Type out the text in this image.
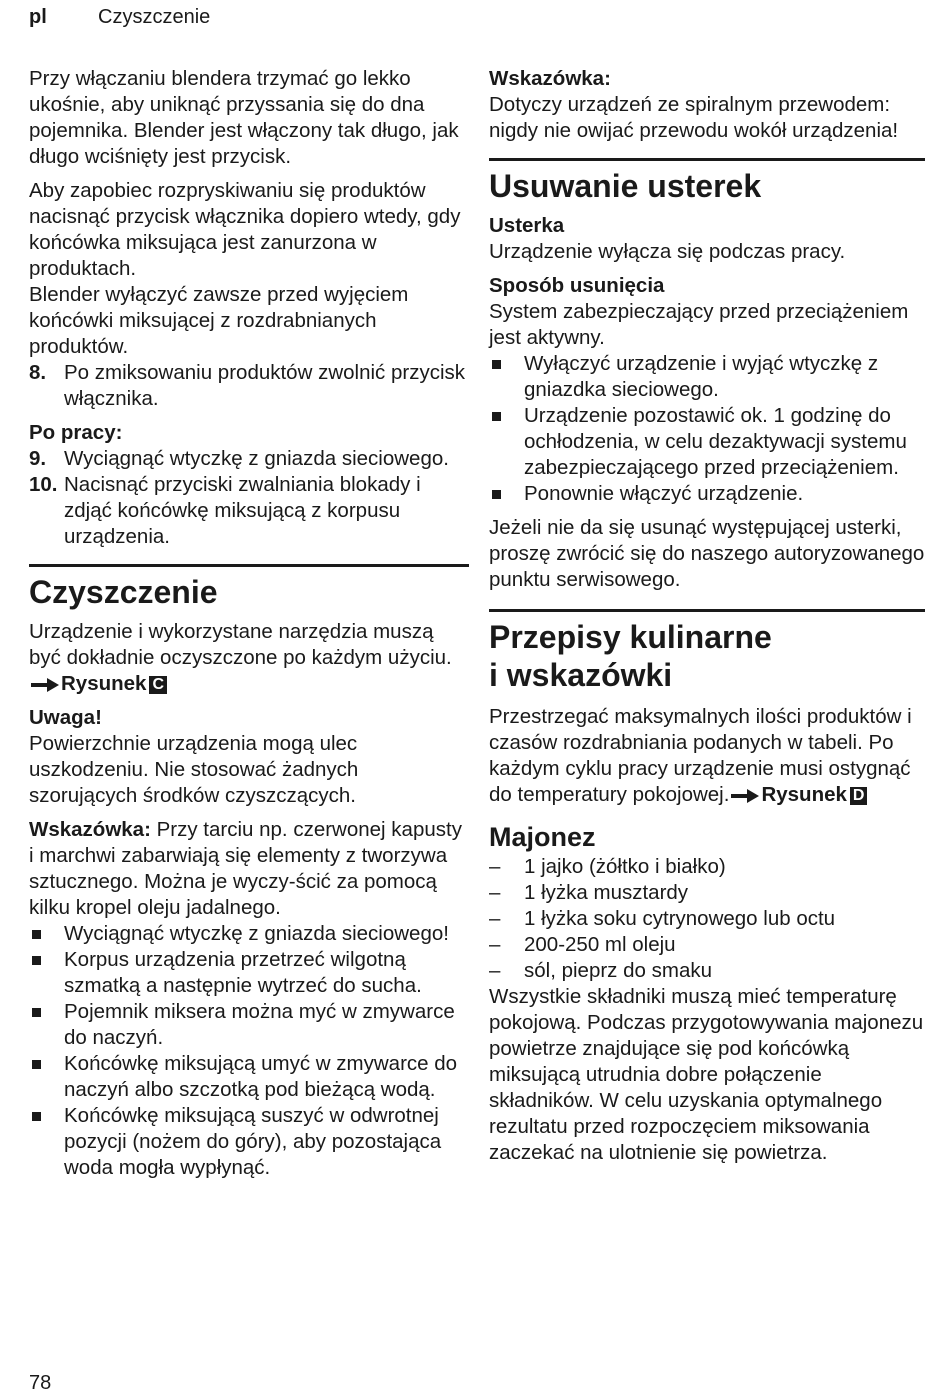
pl	Czyszczenie

Przy włączaniu blendera trzymać go lekko ukośnie, aby uniknąć przyssania się do dna pojemnika. Blender jest włączony tak długo, jak długo wciśnięty jest przycisk.

Aby zapobiec rozpryskiwaniu się produktów nacisnąć przycisk włącznika dopiero wtedy, gdy końcówka miksująca jest zanurzona w produktach.

Blender wyłączyć zawsze przed wyjęciem końcówki miksującej z rozdrabnianych produktów.

8. Po zmiksowaniu produktów zwolnić przycisk włącznika.

Po pracy:

9. Wyciągnąć wtyczkę z gniazda sieciowego.
10. Nacisnąć przyciski zwalniania blokady i zdjąć końcówkę miksującą z korpusu urządzenia.
Czyszczenie

Urządzenie i wykorzystane narzędzia muszą być dokładnie oczyszczone po każdym użyciu.Rysunek C

Uwaga!

Powierzchnie urządzenia mogą ulec uszkodzeniu. Nie stosować żadnych szorujących środków czyszczących.

Wskazówka: Przy tarciu np. czerwonej kapusty i marchwi zabarwiają się elementy z tworzywa sztucznego. Można je wyczy-ścić za pomocą kilku kropel oleju jadalnego.

Wyciągnąć wtyczkę z gniazda sieciowego!
Korpus urządzenia przetrzeć wilgotną szmatką a następnie wytrzeć do sucha.
Pojemnik miksera można myć w zmywarce do naczyń.
Końcówkę miksującą umyć w zmywarce do naczyń albo szczotką pod bieżącą wodą.
Końcówkę miksującą suszyć w odwrotnej pozycji (nożem do góry), aby pozostająca woda mogła wypłynąć.

Wskazówka:

Dotyczy urządzeń ze spiralnym przewodem: nigdy nie owijać przewodu wokół urządzenia!

Usuwanie usterek

Usterka

Urządzenie wyłącza się podczas pracy.

Sposób usunięcia

System zabezpieczający przed przeciążeniem jest aktywny.

Wyłączyć urządzenie i wyjąć wtyczkę z gniazdka sieciowego.
Urządzenie pozostawić ok. 1 godzinę do ochłodzenia, w celu dezaktywacji systemu zabezpieczającego przed przeciążeniem.
Ponownie włączyć urządzenie.

Jeżeli nie da się usunąć występującej usterki, proszę zwrócić się do naszego autoryzowanego punktu serwisowego.

Przepisy kulinarne
i wskazówki

Przestrzegać maksymalnych ilości produktów i czasów rozdrabniania podanych w tabeli. Po każdym cyklu pracy urządzenie musi ostygnąć do temperatury pokojowej. Rysunek D

Majonez
– 1 jajko (żółtko i białko)
– 1 łyżka musztardy
– 1 łyżka soku cytrynowego lub octu
– 200-250 ml oleju
– sól, pieprz do smaku

Wszystkie składniki muszą mieć temperaturę pokojową. Podczas przygotowywania majonezu powietrze znajdujące się pod końcówką miksującą utrudnia dobre połączenie składników. W celu uzyskania optymalnego rezultatu przed rozpoczęciem miksowania zaczekać na ulotnienie się powietrza.

78
